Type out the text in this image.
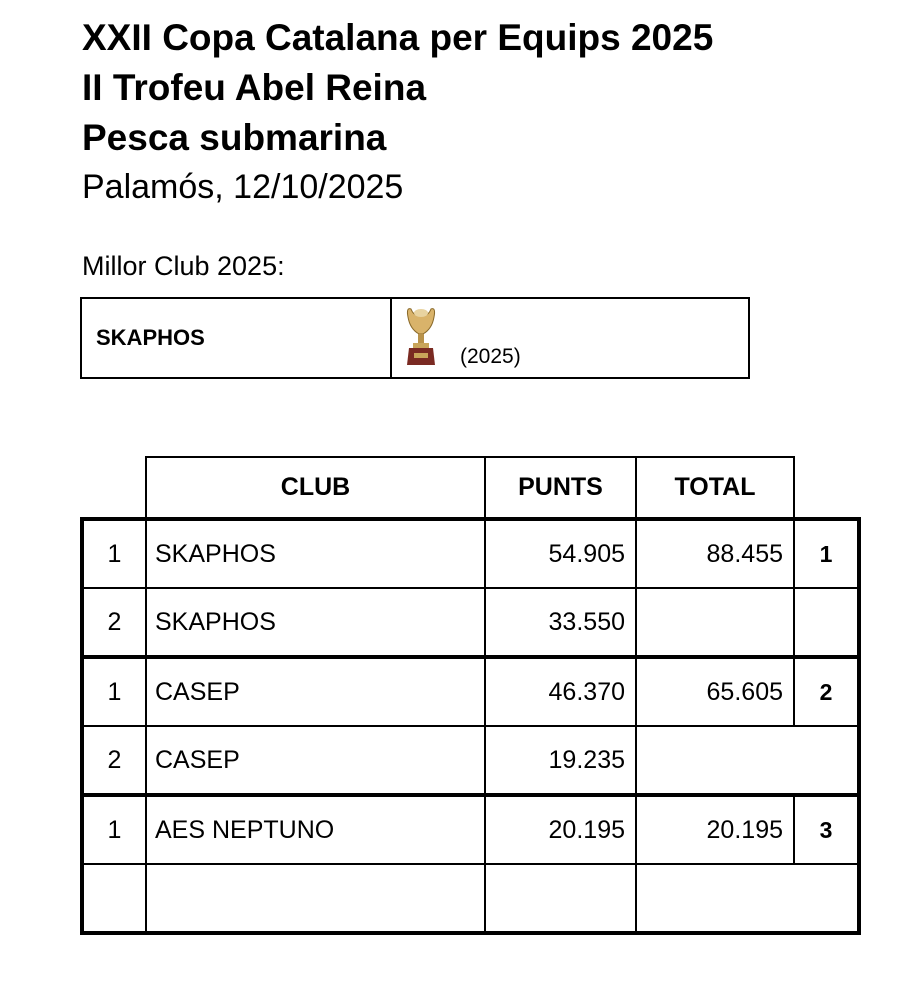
XXII Copa Catalana per Equips 2025
II Trofeu Abel Reina
Pesca submarina

Palamós, 12/10/2025

Millor Club 2025:
SKAPHOS
(2025)
	CLUB	PUNTS	TOTAL	
1	SKAPHOS	54.905	88.455	1
2	SKAPHOS	33.550		
1	CASEP	46.370	65.605	2
2	CASEP	19.235		
1	AES NEPTUNO	20.195	20.195	3
